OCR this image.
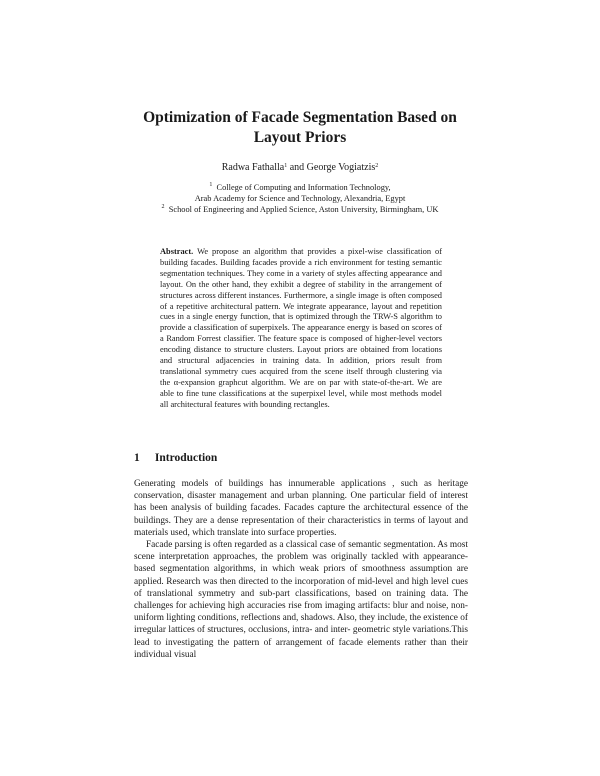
Optimization of Facade Segmentation Based on
Layout Priors
Radwa Fathalla$^1$ and George Vogiatzis$^2$
$^1$ College of Computing and Information Technology,
Arab Academy for Science and Technology, Alexandria, Egypt
$^2$ School of Engineering and Applied Science, Aston University, Birmingham, UK
Abstract. We propose an algorithm that provides a pixel-wise classification of building facades. Building facades provide a rich environment for testing semantic segmentation techniques. They come in a variety of styles affecting appearance and layout. On the other hand, they exhibit a degree of stability in the arrangement of structures across different instances. Furthermore, a single image is often composed of a repetitive architectural pattern. We integrate appearance, layout and repetition cues in a single energy function, that is optimized through the TRW-S algorithm to provide a classification of superpixels. The appearance energy is based on scores of a Random Forrest classifier. The feature space is composed of higher-level vectors encoding distance to structure clusters. Layout priors are obtained from locations and structural adjacencies in training data. In addition, priors result from translational symmetry cues acquired from the scene itself through clustering via the α-expansion graphcut algorithm. We are on par with state-of-the-art. We are able to fine tune classifications at the superpixel level, while most methods model all architectural features with bounding rectangles.
1 Introduction

Generating models of buildings has innumerable applications , such as heritage conservation, disaster management and urban planning. One particular field of interest has been analysis of building facades. Facades capture the architectural essence of the buildings. They are a dense representation of their characteristics in terms of layout and materials used, which translate into surface properties.

Facade parsing is often regarded as a classical case of semantic segmentation. As most scene interpretation approaches, the problem was originally tackled with appearance-based segmentation algorithms, in which weak priors of smoothness assumption are applied. Research was then directed to the incorporation of mid-level and high level cues of translational symmetry and sub-part classifications, based on training data. The challenges for achieving high accuracies rise from imaging artifacts: blur and noise, non-uniform lighting conditions, reflections and, shadows. Also, they include, the existence of irregular lattices of structures, occlusions, intra- and inter- geometric style variations.This lead to investigating the pattern of arrangement of facade elements rather than their individual visual
